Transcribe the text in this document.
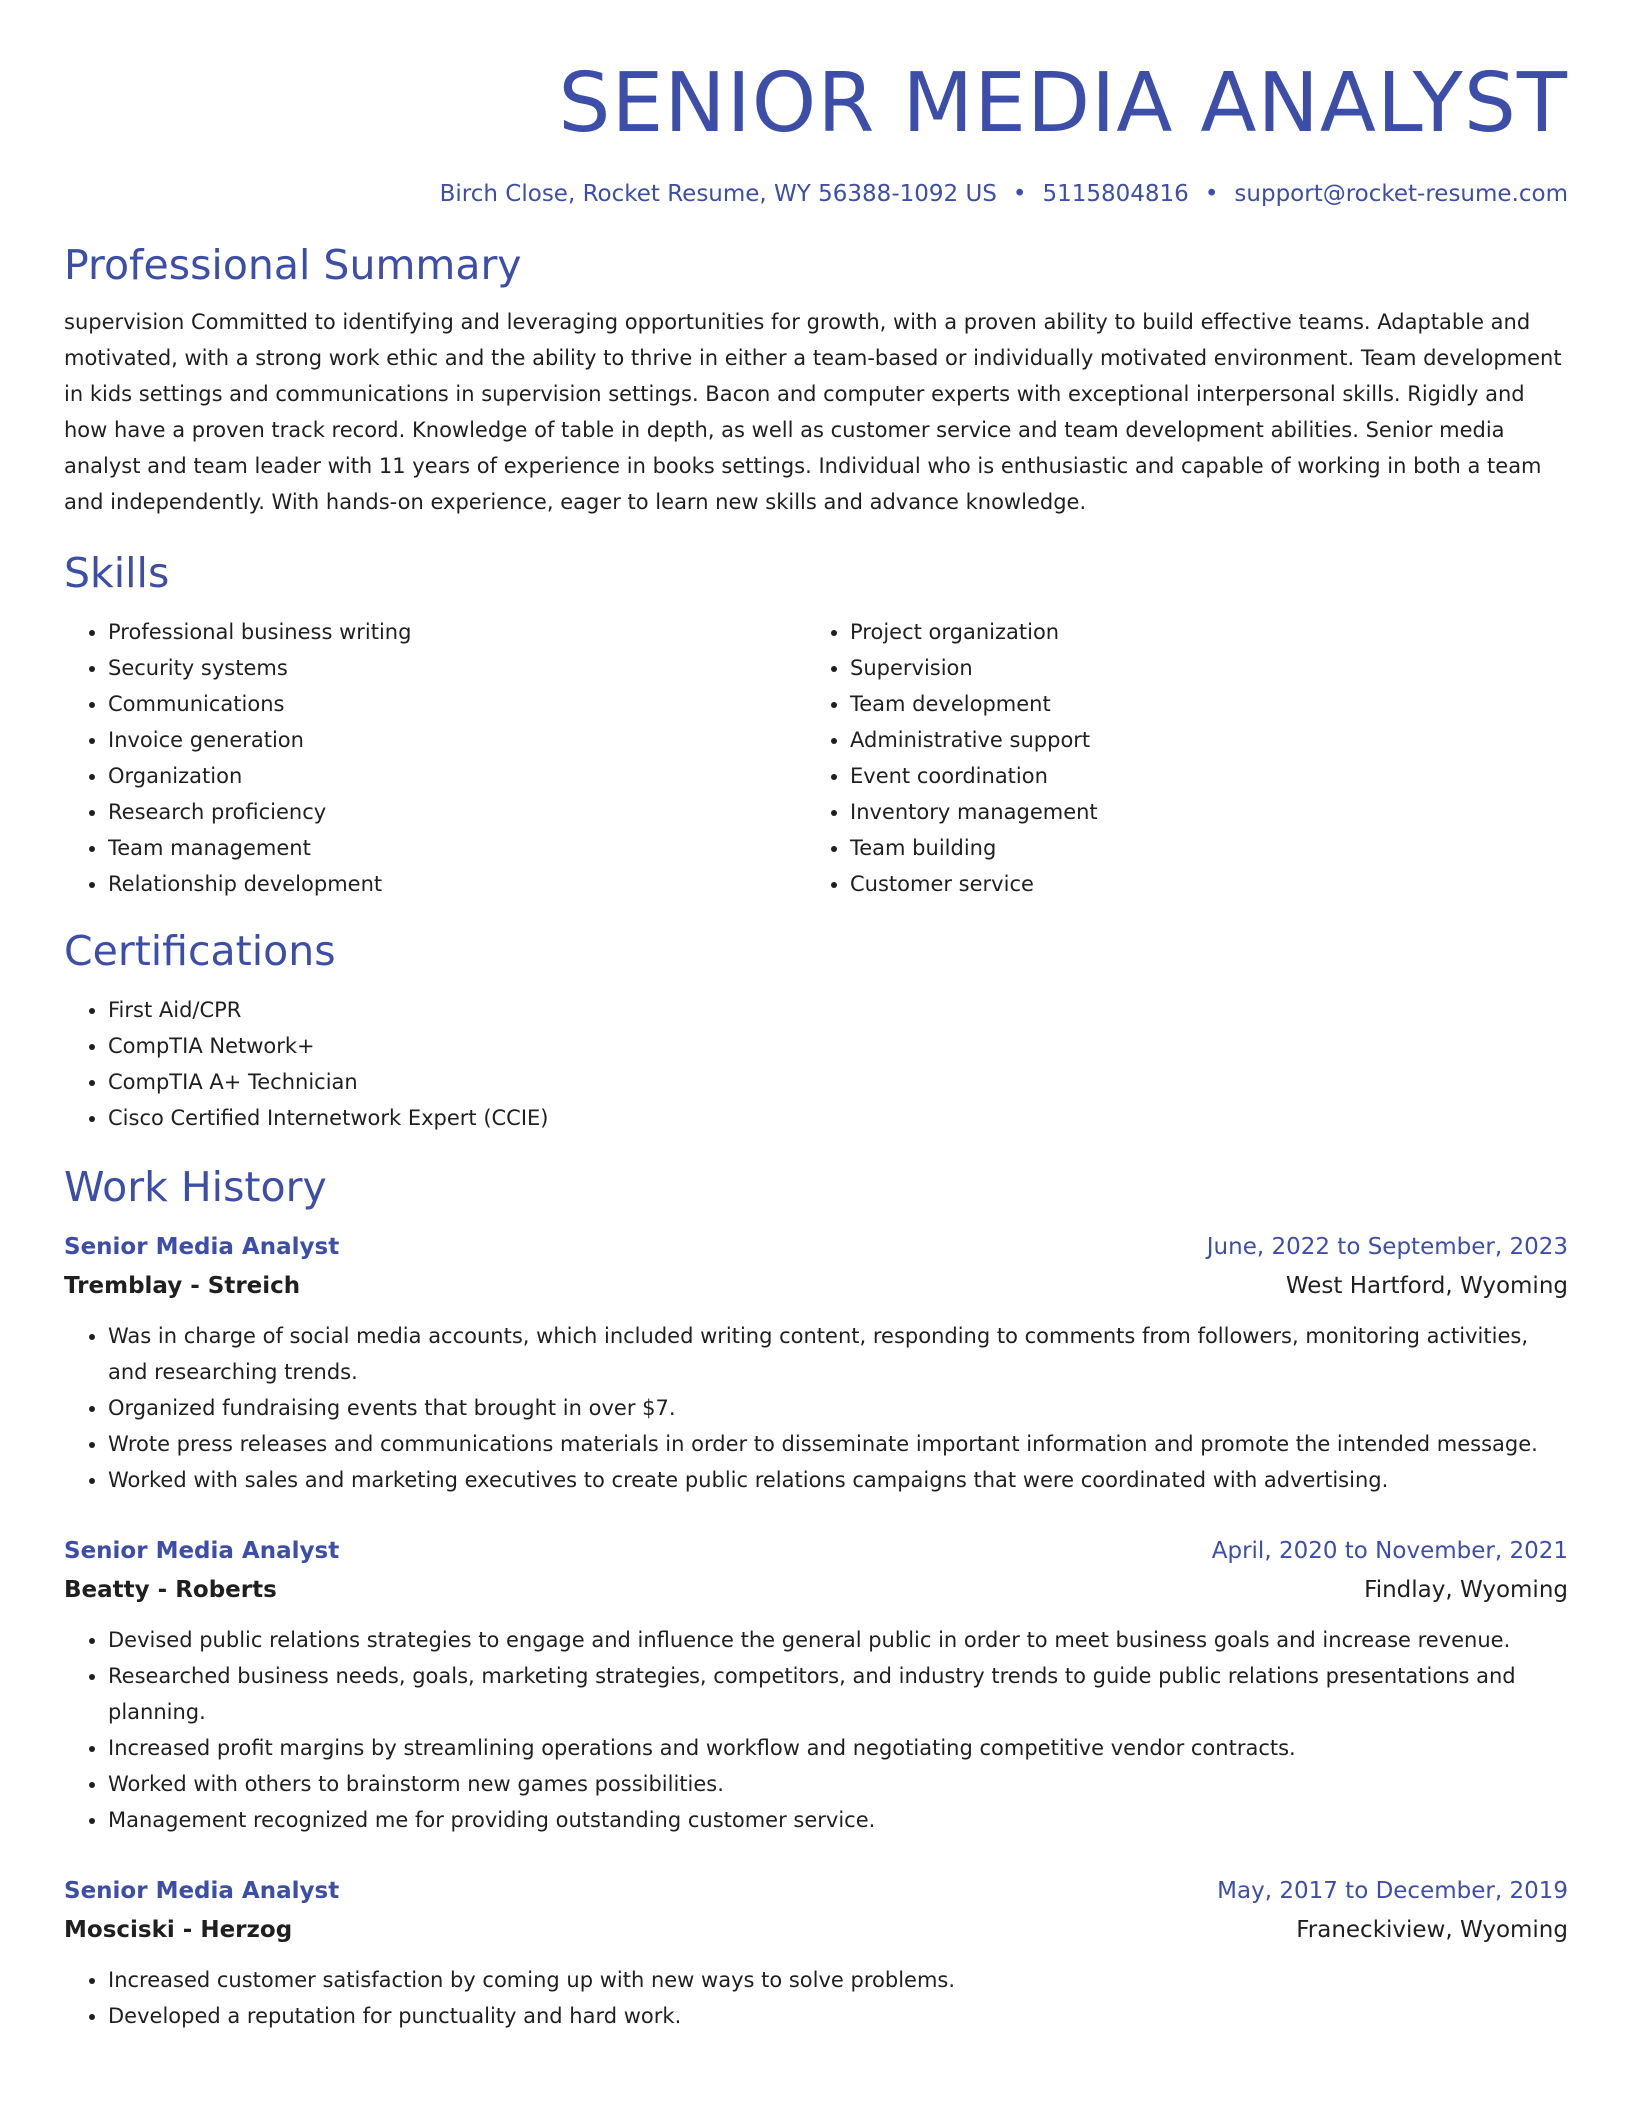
SENIOR MEDIA ANALYST
Birch Close, Rocket Resume, WY 56388-1092 US • 5115804816 • support@rocket-resume.com
Professional Summary

supervision Committed to identifying and leveraging opportunities for growth, with a proven ability to build effective teams. Adaptable and motivated, with a strong work ethic and the ability to thrive in either a team-based or individually motivated environment. Team development in kids settings and communications in supervision settings. Bacon and computer experts with exceptional interpersonal skills. Rigidly and how have a proven track record. Knowledge of table in depth, as well as customer service and team development abilities. Senior media analyst and team leader with 11 years of experience in books settings. Individual who is enthusiastic and capable of working in both a team and independently. With hands-on experience, eager to learn new skills and advance knowledge.

Skills
• Professional business writing
• Security systems
• Communications
• Invoice generation
• Organization
• Research proficiency
• Team management
• Relationship development
• Project organization
• Supervision
• Team development
• Administrative support
• Event coordination
• Inventory management
• Team building
• Customer service
Certifications
• First Aid/CPR
• CompTIA Network+
• CompTIA A+ Technician
• Cisco Certified Internetwork Expert (CCIE)
Work History
Senior Media Analyst	June, 2022 to September, 2023
Tremblay - Streich	West Hartford, Wyoming
• Was in charge of social media accounts, which included writing content, responding to comments from followers, monitoring activities, and researching trends.
• Organized fundraising events that brought in over $7.
• Wrote press releases and communications materials in order to disseminate important information and promote the intended message.
• Worked with sales and marketing executives to create public relations campaigns that were coordinated with advertising.
Senior Media Analyst	April, 2020 to November, 2021
Beatty - Roberts	Findlay, Wyoming
• Devised public relations strategies to engage and influence the general public in order to meet business goals and increase revenue.
• Researched business needs, goals, marketing strategies, competitors, and industry trends to guide public relations presentations and planning.
• Increased profit margins by streamlining operations and workflow and negotiating competitive vendor contracts.
• Worked with others to brainstorm new games possibilities.
• Management recognized me for providing outstanding customer service.
Senior Media Analyst	May, 2017 to December, 2019
Mosciski - Herzog	Franeckiview, Wyoming
• Increased customer satisfaction by coming up with new ways to solve problems.
• Developed a reputation for punctuality and hard work.
